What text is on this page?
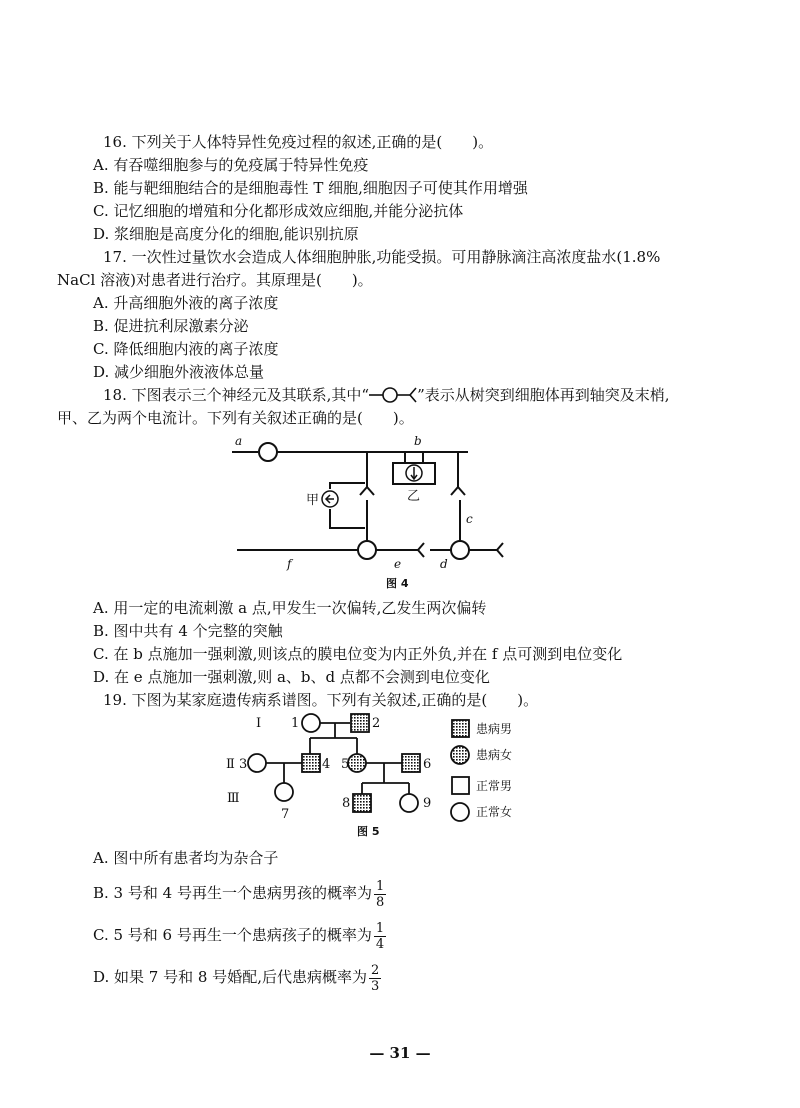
16. 下列关于人体特异性免疫过程的叙述,正确的是(　　)。
A. 有吞噬细胞参与的免疫属于特异性免疫
B. 能与靶细胞结合的是细胞毒性 T 细胞,细胞因子可使其作用增强
C. 记忆细胞的增殖和分化都形成效应细胞,并能分泌抗体
D. 浆细胞是高度分化的细胞,能识别抗原
17. 一次性过量饮水会造成人体细胞肿胀,功能受损。可用静脉滴注高浓度盐水(1.8%
NaCl 溶液)对患者进行治疗。其原理是(　　)。
A. 升高细胞外液的离子浓度
B. 促进抗利尿激素分泌
C. 降低细胞内液的离子浓度
D. 减少细胞外液液体总量
18. 下图表示三个神经元及其联系,其中“	”表示从树突到细胞体再到轴突及末梢,
甲、乙为两个电流计。下列有关叙述正确的是(　　)。
a	b
c
d
e
f
甲	乙
图 4
A. 用一定的电流刺激 a 点,甲发生一次偏转,乙发生两次偏转
B. 图中共有 4 个完整的突触
C. 在 b 点施加一强刺激,则该点的膜电位变为内正外负,并在 f 点可测到电位变化
D. 在 e 点施加一强刺激,则 a、b、d 点都不会测到电位变化
19. 下图为某家庭遗传病系谱图。下列有关叙述,正确的是(　　)。
Ⅰ
Ⅱ
Ⅲ
1	2
3	4 5	6
7
8	9
患病男
患病女
正常男
正常女
图 5
A. 图中所有患者均为杂合子
B. 3 号和 4 号再生一个患病男孩的概率为 $\frac{1}{8}$
C. 5 号和 6 号再生一个患病孩子的概率为 $\frac{1}{4}$
D. 如果 7 号和 8 号婚配,后代患病概率为 $\frac{2}{3}$
— 31 —
